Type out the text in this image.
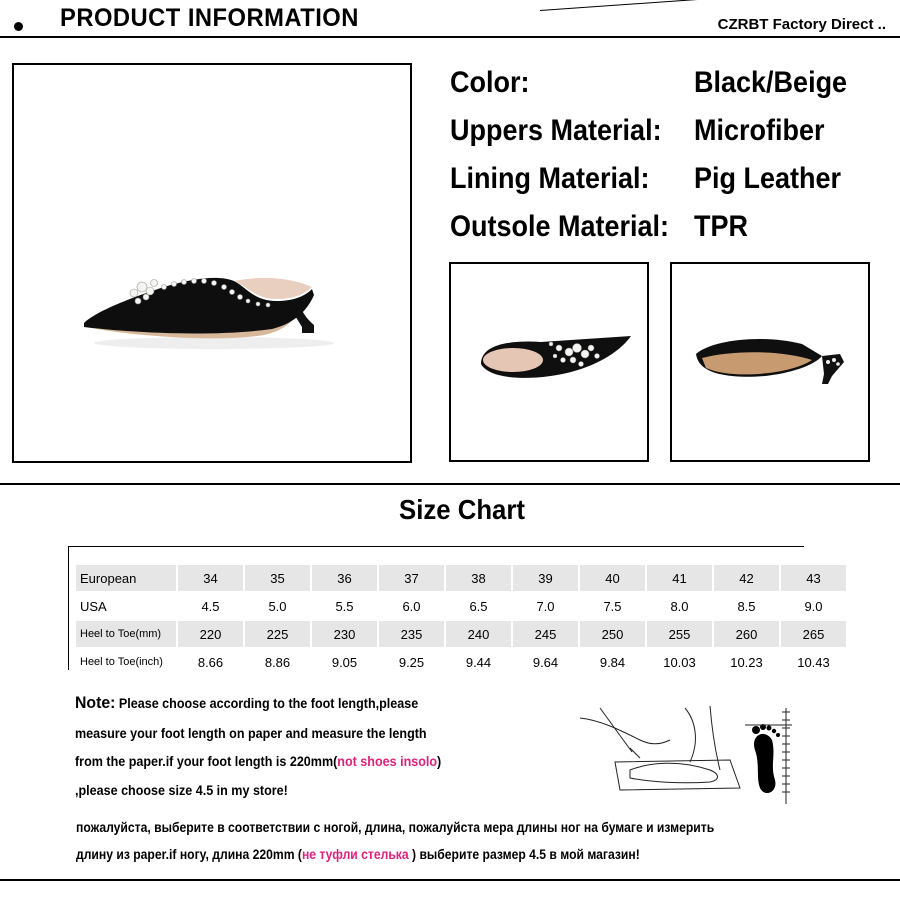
PRODUCT INFORMATION	CZRBT Factory Direct ..
Color:	Black/Beige
Uppers Material: Microfiber
Lining Material: Pig Leather
Outsole Material: TPR
Size Chart
European	34	35	36	37	38	39	40	41	42	43
USA	4.5	5.0	5.5	6.0	6.5	7.0	7.5	8.0	8.5	9.0
Heel to Toe(mm)	220	225	230	235	240	245	250	255	260	265
Heel to Toe(inch)	8.66	8.86	9.05	9.25	9.44	9.64	9.84	10.03	10.23	10.43
Note: Please choose according to the foot length,please
measure your foot length on paper and measure the length
from the paper.if your foot length is 220mm(not shoes insolo)
,please choose size 4.5 in my store!
пожалуйста, выберите в соответствии с ногой, длина, пожалуйста мера длины ног на бумаге и измерить
длину из paper.if ногу, длина 220mm (не туфли стелька ) выберите размер 4.5 в мой магазин!
